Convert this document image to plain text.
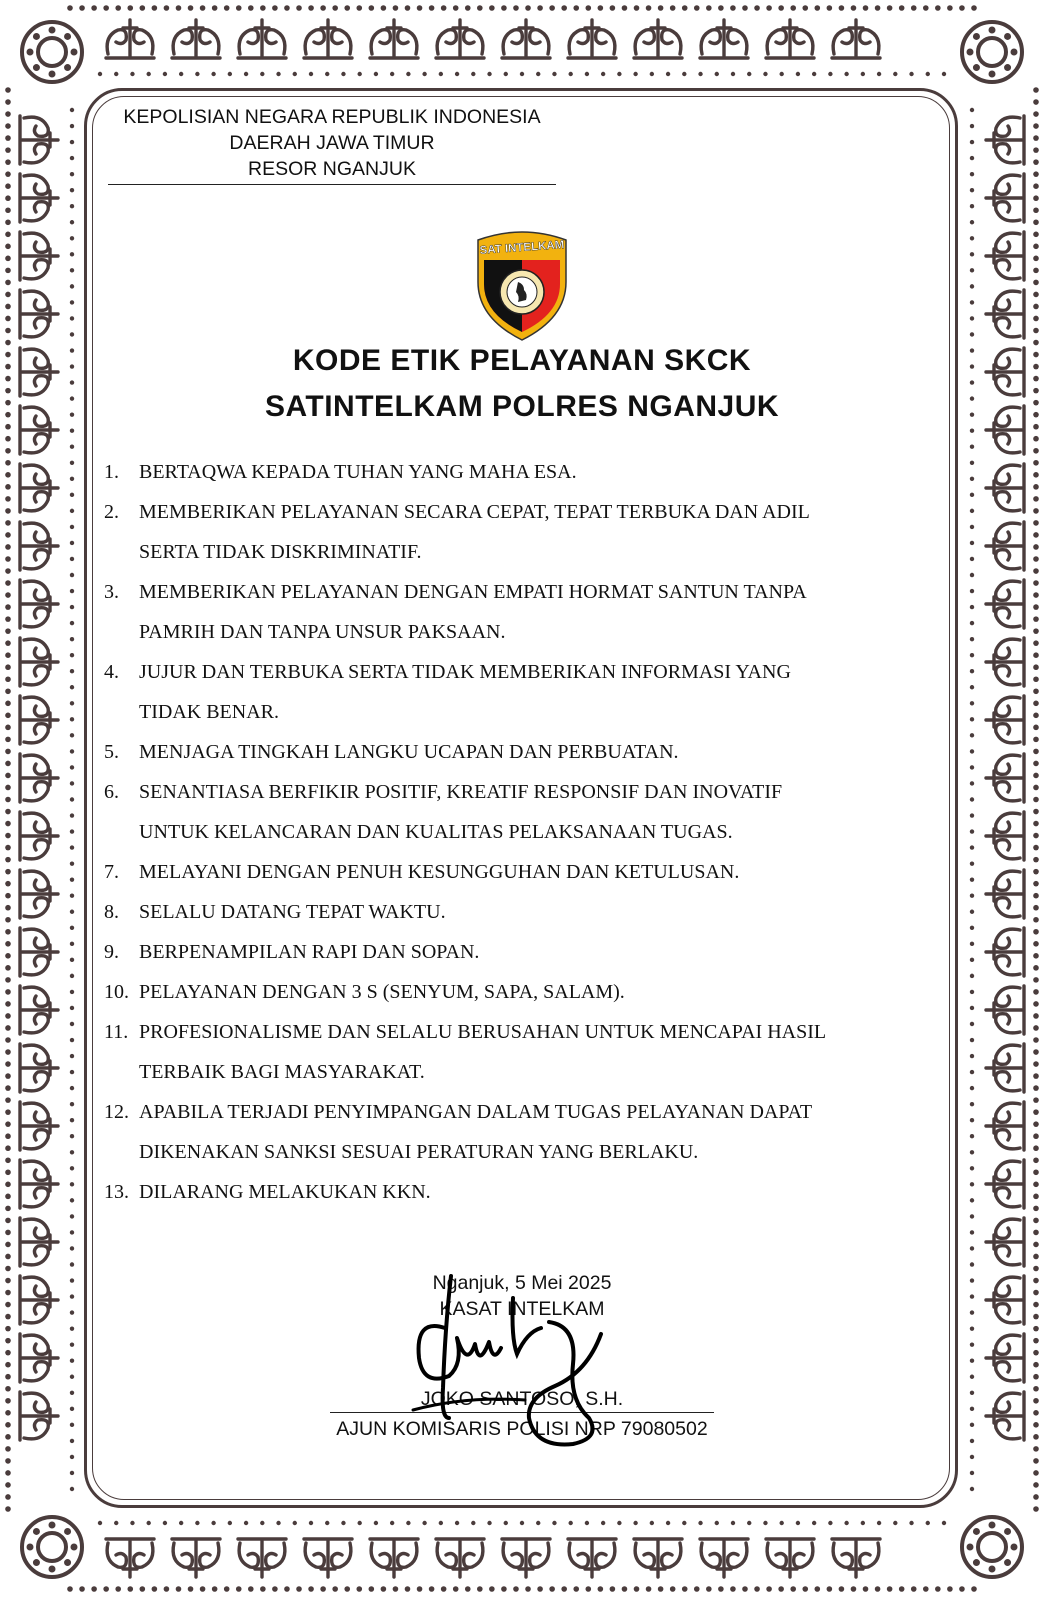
KEPOLISIAN NEGARA REPUBLIK INDONESIA
DAERAH JAWA TIMUR
RESOR NGANJUK
SAT INTELKAM
KODE ETIK PELAYANAN SKCK
SATINTELKAM POLRES NGANJUK
1.	BERTAQWA KEPADA TUHAN YANG MAHA ESA.
2.	MEMBERIKAN PELAYANAN SECARA CEPAT, TEPAT TERBUKA DAN ADIL
SERTA TIDAK DISKRIMINATIF.
3.	MEMBERIKAN PELAYANAN DENGAN EMPATI HORMAT SANTUN TANPA
PAMRIH DAN TANPA UNSUR PAKSAAN.
4.	JUJUR DAN TERBUKA SERTA TIDAK MEMBERIKAN INFORMASI YANG
TIDAK BENAR.
5.	MENJAGA TINGKAH LANGKU UCAPAN DAN PERBUATAN.
6.	SENANTIASA BERFIKIR POSITIF, KREATIF RESPONSIF DAN INOVATIF
UNTUK KELANCARAN DAN KUALITAS PELAKSANAAN TUGAS.
7.	MELAYANI DENGAN PENUH KESUNGGUHAN DAN KETULUSAN.
8.	SELALU DATANG TEPAT WAKTU.
9.	BERPENAMPILAN RAPI DAN SOPAN.
10. PELAYANAN DENGAN 3 S (SENYUM, SAPA, SALAM).
11. PROFESIONALISME DAN SELALU BERUSAHAN UNTUK MENCAPAI HASIL
TERBAIK BAGI MASYARAKAT.
12. APABILA TERJADI PENYIMPANGAN DALAM TUGAS PELAYANAN DAPAT
DIKENAKAN SANKSI SESUAI PERATURAN YANG BERLAKU.
13. DILARANG MELAKUKAN KKN.
Nganjuk, 5 Mei 2025
KASAT INTELKAM
JOKO SANTOSO, S.H.
AJUN KOMISARIS POLISI NRP 79080502
